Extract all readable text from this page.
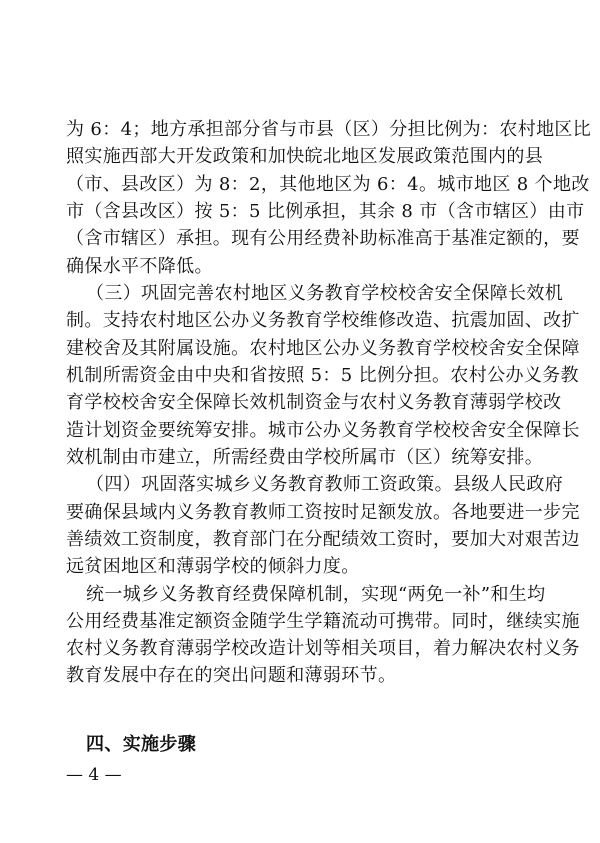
为 6：4；地方承担部分省与市县（区）分担比例为：农村地区比
照实施西部大开发政策和加快皖北地区发展政策范围内的县
（市、县改区）为 8：2，其他地区为 6：4。城市地区 8 个地改
市（含县改区）按 5：5 比例承担，其余 8 市（含市辖区）由市
（含市辖区）承担。现有公用经费补助标准高于基准定额的，要
确保水平不降低。
（三）巩固完善农村地区义务教育学校校舍安全保障长效机
制。支持农村地区公办义务教育学校维修改造、抗震加固、改扩
建校舍及其附属设施。农村地区公办义务教育学校校舍安全保障
机制所需资金由中央和省按照 5：5 比例分担。农村公办义务教
育学校校舍安全保障长效机制资金与农村义务教育薄弱学校改
造计划资金要统筹安排。城市公办义务教育学校校舍安全保障长
效机制由市建立，所需经费由学校所属市（区）统筹安排。
（四）巩固落实城乡义务教育教师工资政策。县级人民政府
要确保县域内义务教育教师工资按时足额发放。各地要进一步完
善绩效工资制度，教育部门在分配绩效工资时，要加大对艰苦边
远贫困地区和薄弱学校的倾斜力度。
统一城乡义务教育经费保障机制，实现“两免一补”和生均
公用经费基准定额资金随学生学籍流动可携带。同时，继续实施
农村义务教育薄弱学校改造计划等相关项目，着力解决农村义务
教育发展中存在的突出问题和薄弱环节。
四、实施步骤
— 4 —
